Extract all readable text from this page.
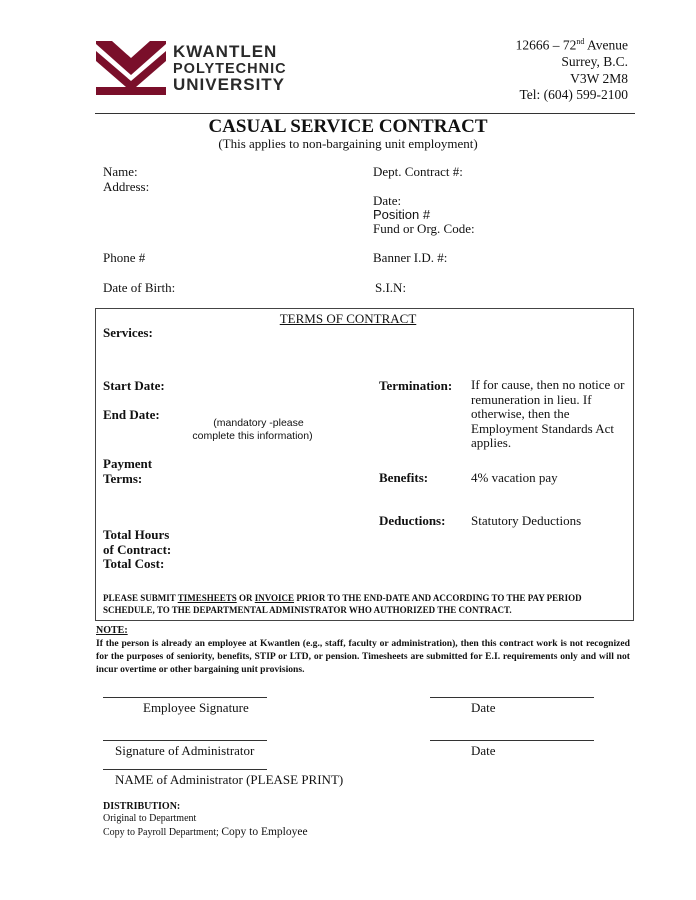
KWANTLEN
POLYTECHNIC
UNIVERSITY
12666 – 72nd Avenue
Surrey, B.C.
V3W 2M8
Tel: (604) 599-2100
CASUAL SERVICE CONTRACT
(This applies to non-bargaining unit employment)
Name:
Address:
Phone #
Date of Birth:
Dept. Contract #:
Date:
Position #
Fund or Org. Code:
Banner I.D. #:
S.I.N:
TERMS OF CONTRACT
Services:
Start Date:
End Date:
(mandatory -please
complete this information)
Payment
Terms:
Total Hours
of Contract:
Total Cost:
Termination: If for cause, then no notice or
remuneration in lieu. If
otherwise, then the
Employment Standards Act
applies.
Benefits:	4% vacation pay
Deductions: Statutory Deductions
PLEASE SUBMIT TIMESHEETS OR INVOICE PRIOR TO THE END-DATE AND ACCORDING TO THE PAY PERIOD SCHEDULE, TO THE DEPARTMENTAL ADMINISTRATOR WHO AUTHORIZED THE CONTRACT.
NOTE:
If the person is already an employee at Kwantlen (e.g., staff, faculty or administration), then this contract work is not recognized for the purposes of seniority, benefits, STIP or LTD, or pension. Timesheets are submitted for E.I. requirements only and will not incur overtime or other bargaining unit provisions.
Employee Signature	Date
Signature of Administrator	Date
NAME of Administrator (PLEASE PRINT)
DISTRIBUTION:
Original to Department
Copy to Payroll Department; Copy to Employee
